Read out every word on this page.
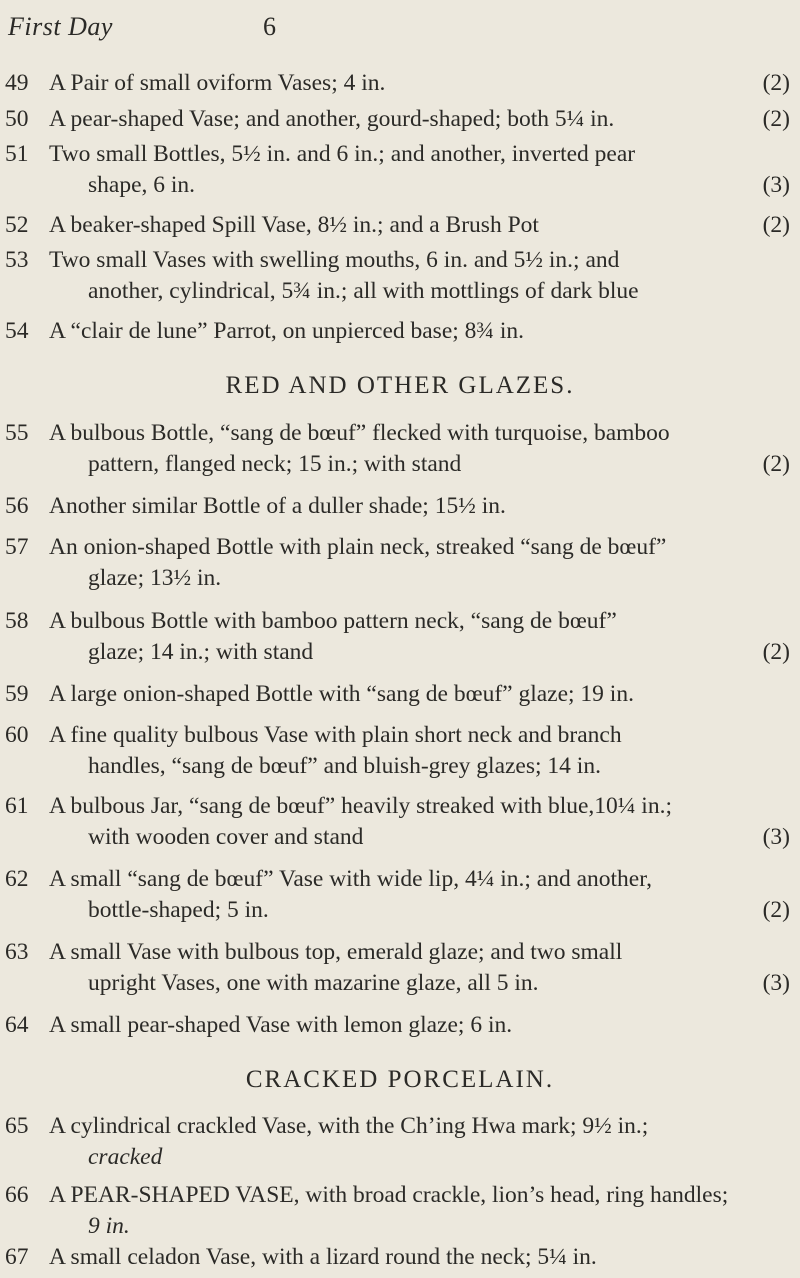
First Day	6
49 A Pair of small oviform Vases; 4 in.	(2)
50 A pear-shaped Vase; and another, gourd-shaped; both 5¼ in.	(2)
51 Two small Bottles, 5½ in. and 6 in.; and another, inverted pear
shape, 6 in.	(3)
52 A beaker-shaped Spill Vase, 8½ in.; and a Brush Pot	(2)
53 Two small Vases with swelling mouths, 6 in. and 5½ in.; and
another, cylindrical, 5¾ in.; all with mottlings of dark blue
54 A “clair de lune” Parrot, on unpierced base; 8¾ in.
RED AND OTHER GLAZES.
55 A bulbous Bottle, “sang de bœuf” flecked with turquoise, bamboo
pattern, flanged neck; 15 in.; with stand	(2)
56 Another similar Bottle of a duller shade; 15½ in.
57 An onion-shaped Bottle with plain neck, streaked “sang de bœuf”
glaze; 13½ in.
58 A bulbous Bottle with bamboo pattern neck, “sang de bœuf”
glaze; 14 in.; with stand	(2)
59 A large onion-shaped Bottle with “sang de bœuf” glaze; 19 in.
60 A fine quality bulbous Vase with plain short neck and branch
handles, “sang de bœuf” and bluish-grey glazes; 14 in.
61 A bulbous Jar, “sang de bœuf” heavily streaked with blue,10¼ in.;
with wooden cover and stand	(3)
62 A small “sang de bœuf” Vase with wide lip, 4¼ in.; and another,
bottle-shaped; 5 in.	(2)
63 A small Vase with bulbous top, emerald glaze; and two small
upright Vases, one with mazarine glaze, all 5 in.	(3)
64 A small pear-shaped Vase with lemon glaze; 6 in.
CRACKED PORCELAIN.
65 A cylindrical crackled Vase, with the Ch’ing Hwa mark; 9½ in.;
cracked
66 A PEAR-SHAPED VASE, with broad crackle, lion’s head, ring handles;
9 in.
67 A small celadon Vase, with a lizard round the neck; 5¼ in.
